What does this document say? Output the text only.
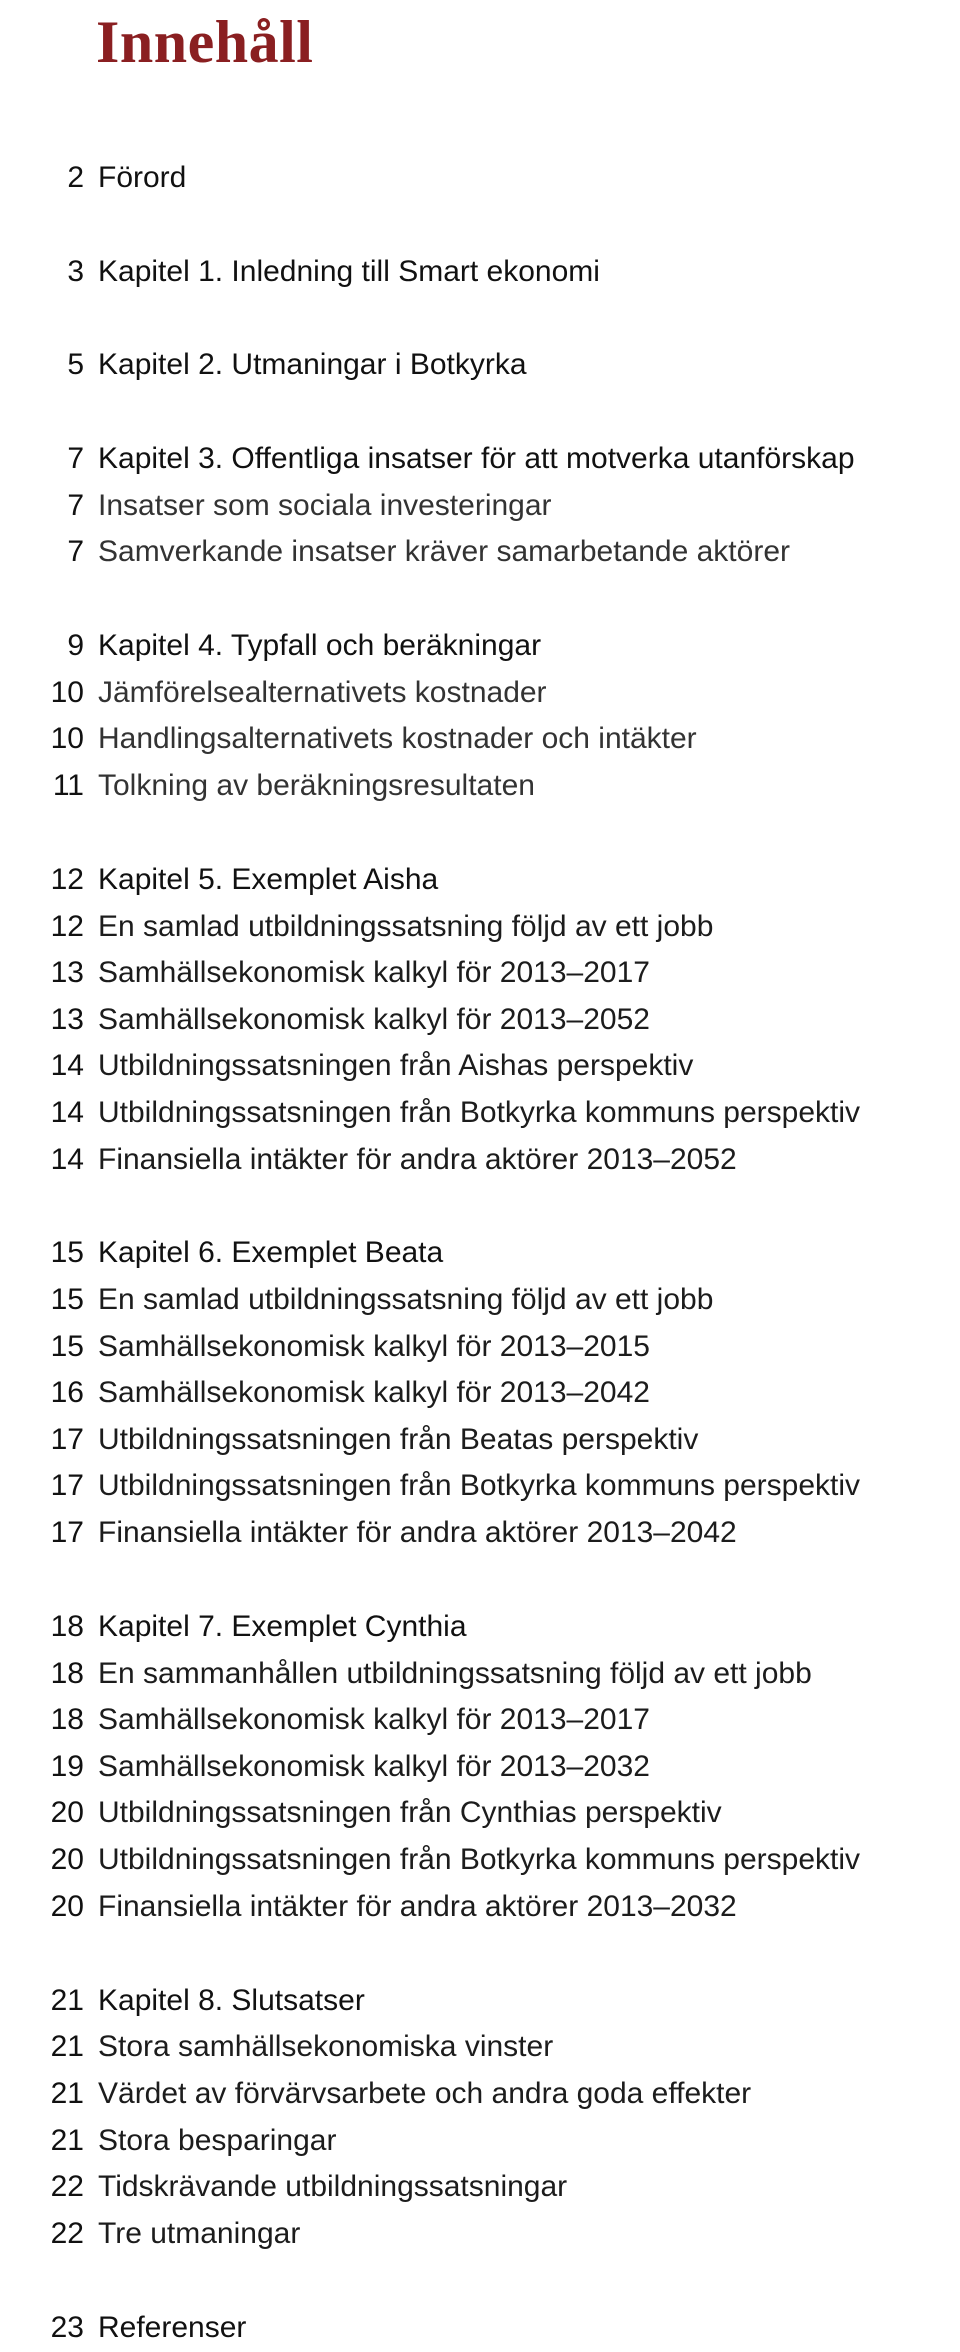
Innehåll
2 Förord
3 Kapitel 1. Inledning till Smart ekonomi
5 Kapitel 2. Utmaningar i Botkyrka
7 Kapitel 3. Offentliga insatser för att motverka utanförskap
7 Insatser som sociala investeringar
7 Samverkande insatser kräver samarbetande aktörer
9 Kapitel 4. Typfall och beräkningar
10 Jämförelsealternativets kostnader
10 Handlingsalternativets kostnader och intäkter
11 Tolkning av beräkningsresultaten
12 Kapitel 5. Exemplet Aisha
12 En samlad utbildningssatsning följd av ett jobb
13 Samhällsekonomisk kalkyl för 2013–2017
13 Samhällsekonomisk kalkyl för 2013–2052
14 Utbildningssatsningen från Aishas perspektiv
14 Utbildningssatsningen från Botkyrka kommuns perspektiv
14 Finansiella intäkter för andra aktörer 2013–2052
15 Kapitel 6. Exemplet Beata
15 En samlad utbildningssatsning följd av ett jobb
15 Samhällsekonomisk kalkyl för 2013–2015
16 Samhällsekonomisk kalkyl för 2013–2042
17 Utbildningssatsningen från Beatas perspektiv
17 Utbildningssatsningen från Botkyrka kommuns perspektiv
17 Finansiella intäkter för andra aktörer 2013–2042
18 Kapitel 7. Exemplet Cynthia
18 En sammanhållen utbildningssatsning följd av ett jobb
18 Samhällsekonomisk kalkyl för 2013–2017
19 Samhällsekonomisk kalkyl för 2013–2032
20 Utbildningssatsningen från Cynthias perspektiv
20 Utbildningssatsningen från Botkyrka kommuns perspektiv
20 Finansiella intäkter för andra aktörer 2013–2032
21 Kapitel 8. Slutsatser
21 Stora samhällsekonomiska vinster
21 Värdet av förvärvsarbete och andra goda effekter
21 Stora besparingar
22 Tidskrävande utbildningssatsningar
22 Tre utmaningar
23 Referenser
